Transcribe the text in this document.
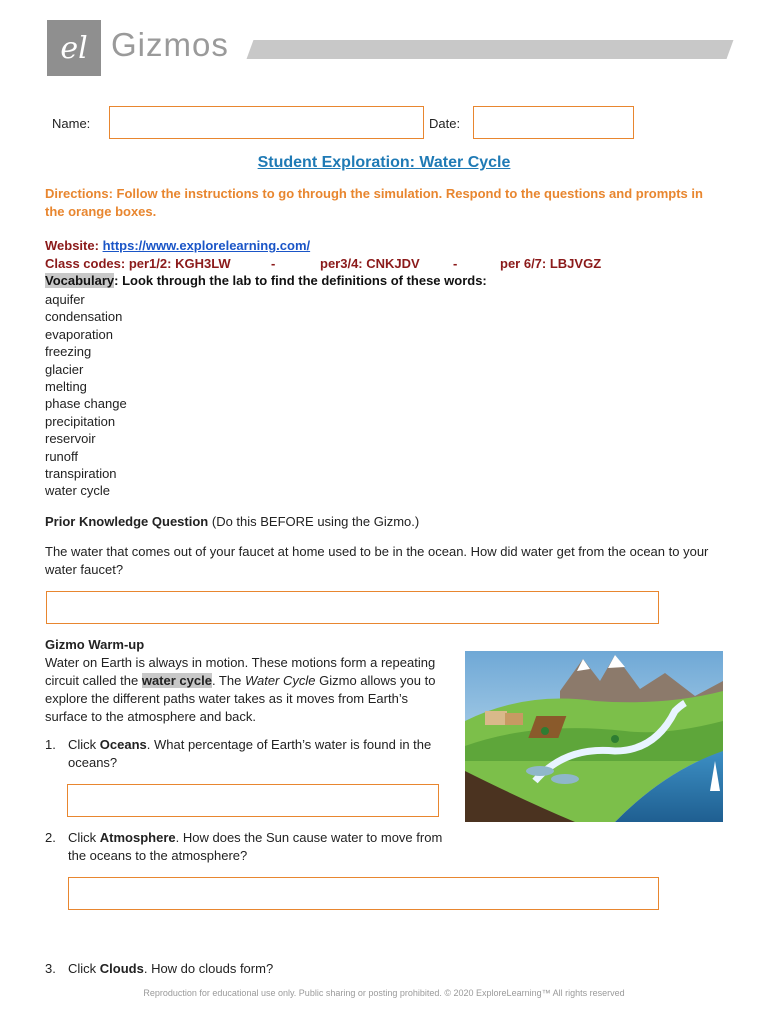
el Gizmos
Name:	Date:
Student Exploration: Water Cycle
Directions: Follow the instructions to go through the simulation. Respond to the questions and prompts in the orange boxes.
Website: https://www.explorelearning.com/
Class codes: per1/2: KGH3LW	-	per3/4: CNKJDV	-	per 6/7: LBJVGZ
Vocabulary: Look through the lab to find the definitions of these words:
aquifer
condensation
evaporation
freezing
glacier
melting
phase change
precipitation
reservoir
runoff
transpiration
water cycle
Prior Knowledge Question (Do this BEFORE using the Gizmo.)
The water that comes out of your faucet at home used to be in the ocean. How did water get from the ocean to your water faucet?
Gizmo Warm-up
Water on Earth is always in motion. These motions form a repeating circuit called the water cycle. The Water Cycle Gizmo allows you to explore the different paths water takes as it moves from Earth’s surface to the atmosphere and back.
1. Click Oceans. What percentage of Earth’s water is found in the oceans?
2. Click Atmosphere. How does the Sun cause water to move from the oceans to the atmosphere?
3. Click Clouds. How do clouds form?
Reproduction for educational use only. Public sharing or posting prohibited. © 2020 ExploreLearning™ All rights reserved
